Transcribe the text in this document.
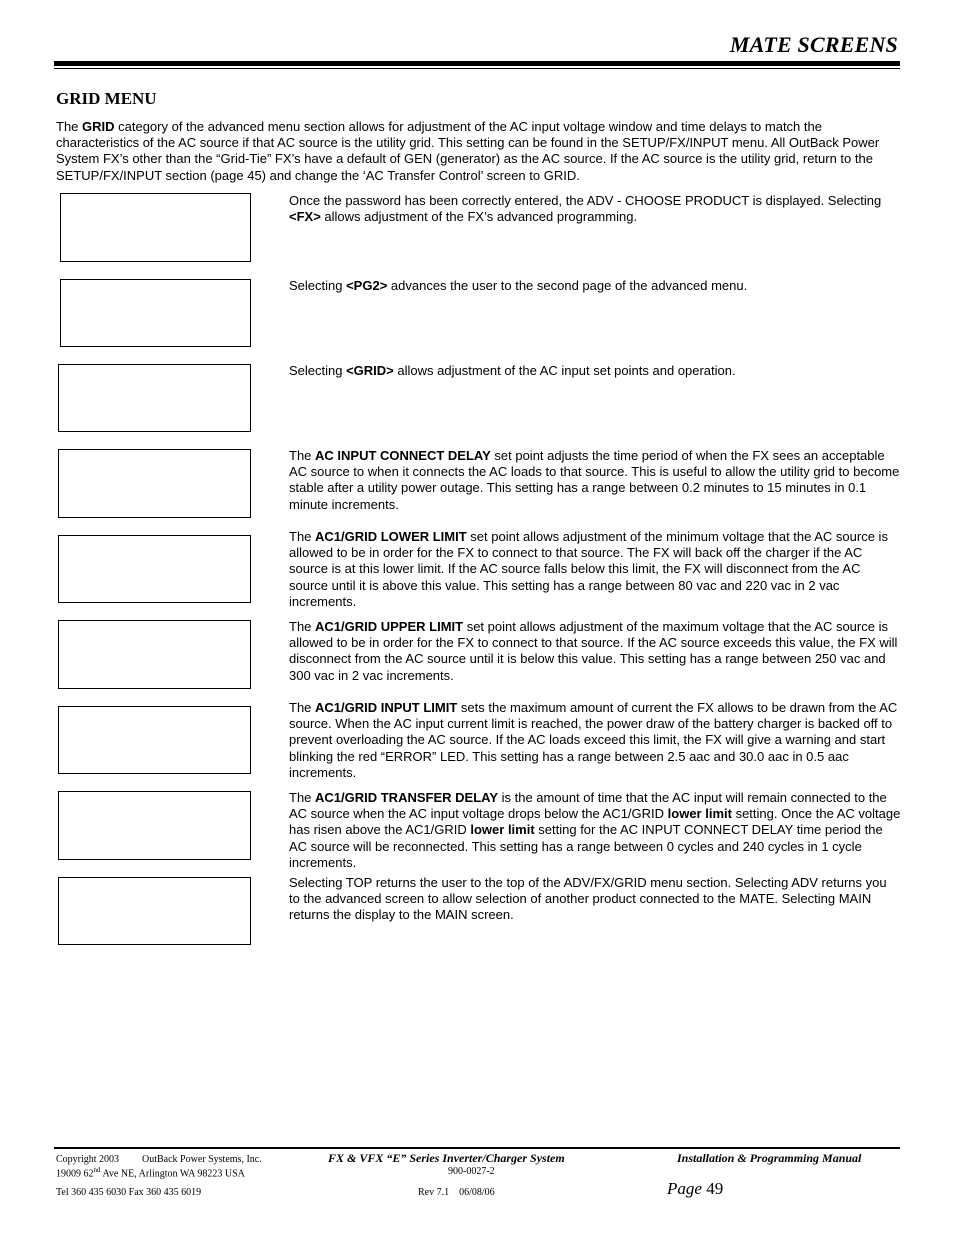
MATE SCREENS
GRID MENU
The GRID category of the advanced menu section allows for adjustment of the AC input voltage window and time delays to match the characteristics of the AC source if that AC source is the utility grid. This setting can be found in the SETUP/FX/INPUT menu. All OutBack Power System FX’s other than the “Grid-Tie” FX’s have a default of GEN (generator) as the AC source. If the AC source is the utility grid, return to the SETUP/FX/INPUT section (page 45) and change the ‘AC Transfer Control’ screen to GRID.
Once the password has been correctly entered, the ADV - CHOOSE PRODUCT is displayed. Selecting <FX> allows adjustment of the FX’s advanced programming.
Selecting <PG2> advances the user to the second page of the advanced menu.
Selecting <GRID> allows adjustment of the AC input set points and operation.
The AC INPUT CONNECT DELAY set point adjusts the time period of when the FX sees an acceptable AC source to when it connects the AC loads to that source. This is useful to allow the utility grid to become stable after a utility power outage. This setting has a range between 0.2 minutes to 15 minutes in 0.1 minute increments.
The AC1/GRID LOWER LIMIT set point allows adjustment of the minimum voltage that the AC source is allowed to be in order for the FX to connect to that source. The FX will back off the charger if the AC source is at this lower limit. If the AC source falls below this limit, the FX will disconnect from the AC source until it is above this value. This setting has a range between 80 vac and 220 vac in 2 vac increments.
The AC1/GRID UPPER LIMIT set point allows adjustment of the maximum voltage that the AC source is allowed to be in order for the FX to connect to that source. If the AC source exceeds this value, the FX will disconnect from the AC source until it is below this value. This setting has a range between 250 vac and 300 vac in 2 vac increments.
The AC1/GRID INPUT LIMIT sets the maximum amount of current the FX allows to be drawn from the AC source. When the AC input current limit is reached, the power draw of the battery charger is backed off to prevent overloading the AC source. If the AC loads exceed this limit, the FX will give a warning and start blinking the red “ERROR” LED. This setting has a range between 2.5 aac and 30.0 aac in 0.5 aac increments.
The AC1/GRID TRANSFER DELAY is the amount of time that the AC input will remain connected to the AC source when the AC input voltage drops below the AC1/GRID lower limit setting. Once the AC voltage has risen above the AC1/GRID lower limit setting for the AC INPUT CONNECT DELAY time period the AC source will be reconnected. This setting has a range between 0 cycles and 240 cycles in 1 cycle increments.
Selecting TOP returns the user to the top of the ADV/FX/GRID menu section. Selecting ADV returns you to the advanced screen to allow selection of another product connected to the MATE. Selecting MAIN returns the display to the MAIN screen.
Copyright 2003 OutBack Power Systems, Inc.
19009 62nd Ave NE, Arlington WA 98223 USA
Tel 360 435 6030 Fax 360 435 6019
FX & VFX “E” Series Inverter/Charger System
900-0027-2
Rev 7.1 06/08/06
Installation & Programming Manual
Page 49
